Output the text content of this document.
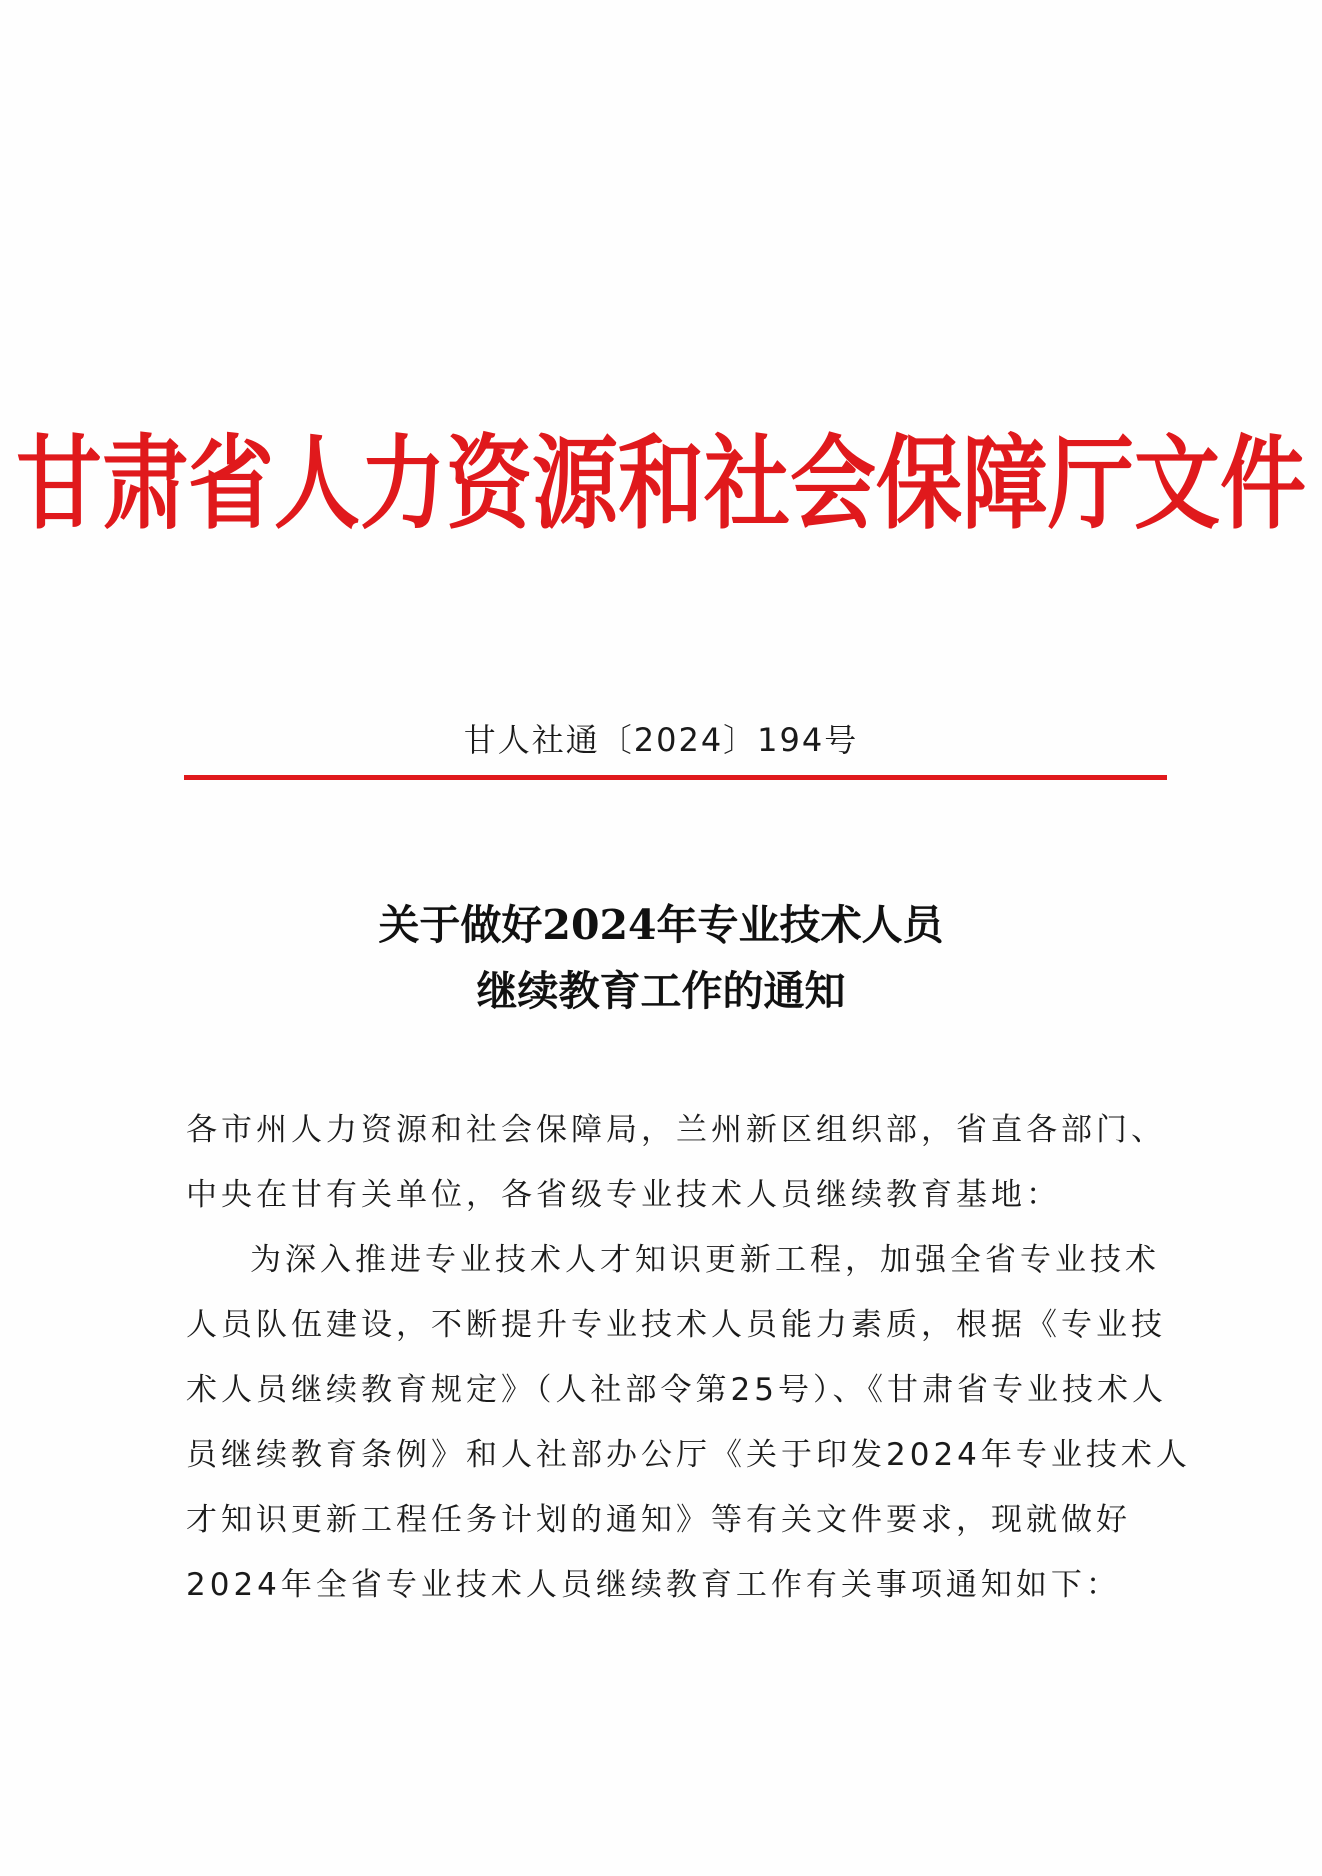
甘肃省人力资源和社会保障厅文件
甘人社通〔2024〕194号
关于做好2024年专业技术人员
继续教育工作的通知
各市州人力资源和社会保障局，兰州新区组织部，省直各部门、
中央在甘有关单位，各省级专业技术人员继续教育基地：
为深入推进专业技术人才知识更新工程，加强全省专业技术
人员队伍建设，不断提升专业技术人员能力素质，根据《专业技
术人员继续教育规定》（人社部令第25号）、《甘肃省专业技术人
员继续教育条例》和人社部办公厅《关于印发2024年专业技术人
才知识更新工程任务计划的通知》等有关文件要求，现就做好
2024年全省专业技术人员继续教育工作有关事项通知如下：
